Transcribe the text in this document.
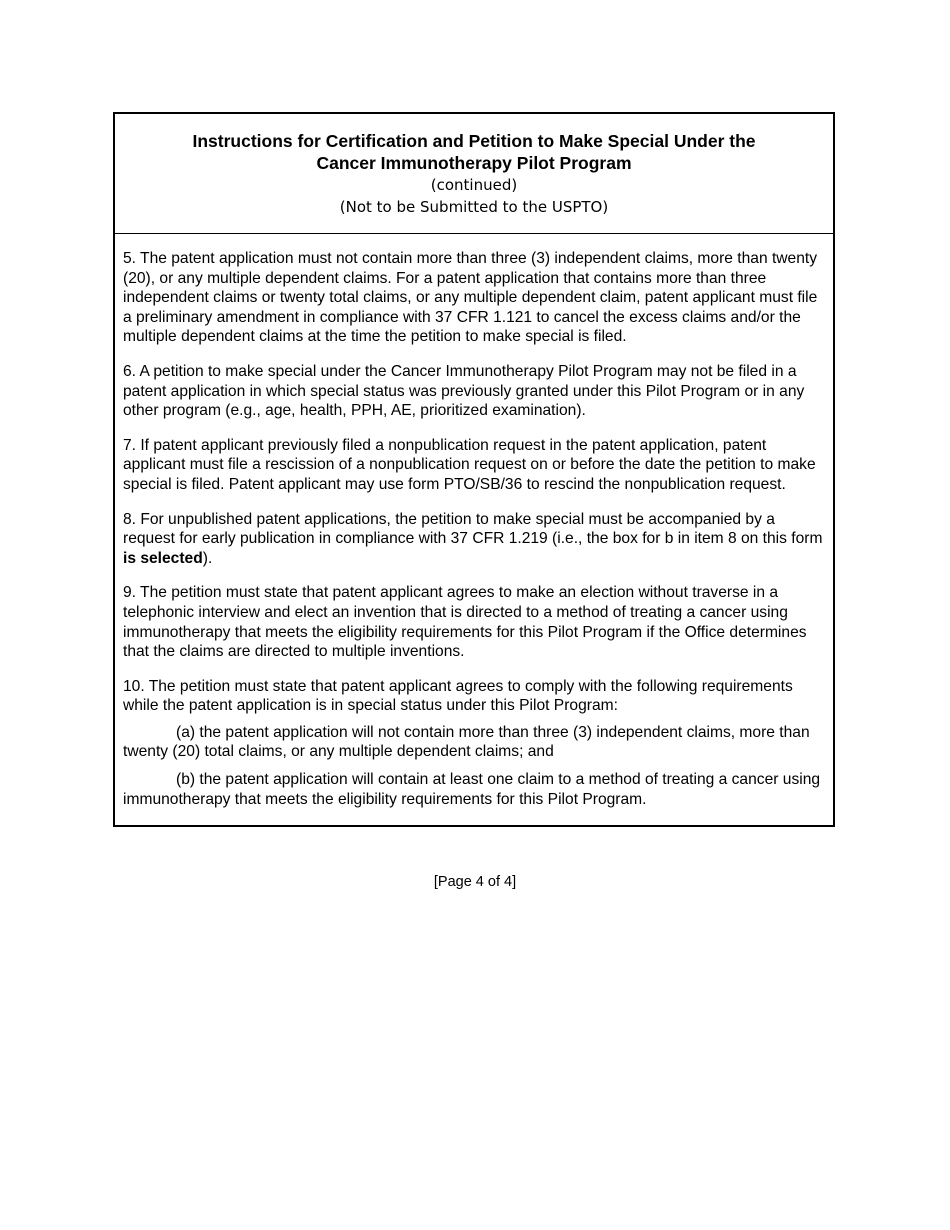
Instructions for Certification and Petition to Make Special Under the

Cancer Immunotherapy Pilot Program

(continued)

(Not to be Submitted to the USPTO)

5. The patent application must not contain more than three (3) independent claims, more than twenty (20), or any multiple dependent claims. For a patent application that contains more than three independent claims or twenty total claims, or any multiple dependent claim, patent applicant must file a preliminary amendment in compliance with 37 CFR 1.121 to cancel the excess claims and/or the multiple dependent claims at the time the petition to make special is filed.

6. A petition to make special under the Cancer Immunotherapy Pilot Program may not be filed in a patent application in which special status was previously granted under this Pilot Program or in any other program (e.g., age, health, PPH, AE, prioritized examination).

7. If patent applicant previously filed a nonpublication request in the patent application, patent applicant must file a rescission of a nonpublication request on or before the date the petition to make special is filed. Patent applicant may use form PTO/SB/36 to rescind the nonpublication request.

8. For unpublished patent applications, the petition to make special must be accompanied by a request for early publication in compliance with 37 CFR 1.219 (i.e., the box for b in item 8 on this form is selected).

9. The petition must state that patent applicant agrees to make an election without traverse in a telephonic interview and elect an invention that is directed to a method of treating a cancer using immunotherapy that meets the eligibility requirements for this Pilot Program if the Office determines that the claims are directed to multiple inventions.

10. The petition must state that patent applicant agrees to comply with the following requirements while the patent application is in special status under this Pilot Program:

(a) the patent application will not contain more than three (3) independent claims, more than twenty (20) total claims, or any multiple dependent claims; and

(b) the patent application will contain at least one claim to a method of treating a cancer using immunotherapy that meets the eligibility requirements for this Pilot Program.

[Page 4 of 4]
